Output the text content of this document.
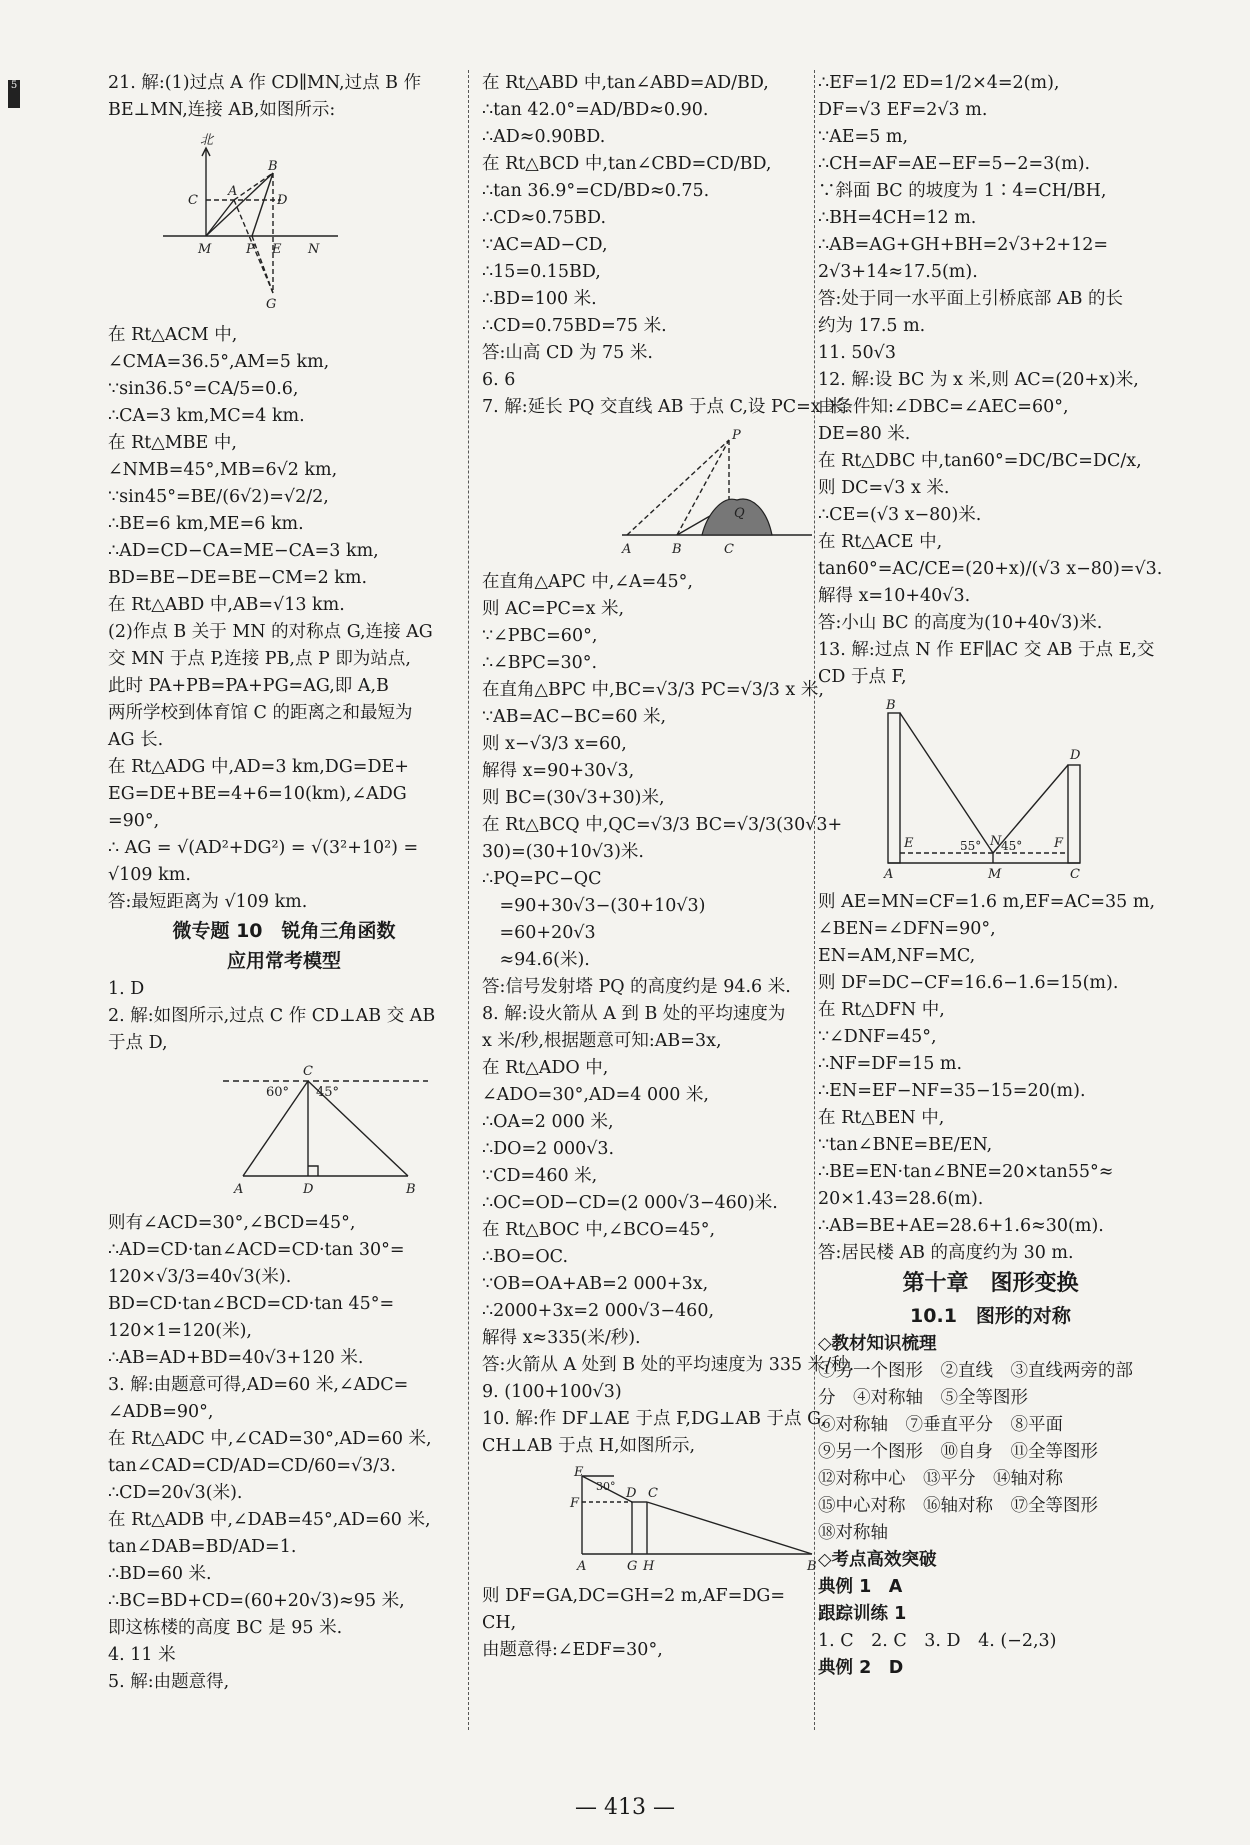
5	21. 解:(1)过点 A 作 CD∥MN,过点 B 作
BE⊥MN,连接 AB,如图所示:
北
B
C
A
D
M	P E N
G
在 Rt△ACM 中,
∠CMA=36.5°,AM=5 km,
∵sin36.5°=CA/5=0.6,
∴CA=3 km,MC=4 km.
在 Rt△MBE 中,
∠NMB=45°,MB=6√2 km,
∵sin45°=BE/(6√2)=√2/2,
∴BE=6 km,ME=6 km.
∴AD=CD−CA=ME−CA=3 km,
BD=BE−DE=BE−CM=2 km.
在 Rt△ABD 中,AB=√13 km.
(2)作点 B 关于 MN 的对称点 G,连接 AG
交 MN 于点 P,连接 PB,点 P 即为站点,
此时 PA+PB=PA+PG=AG,即 A,B
两所学校到体育馆 C 的距离之和最短为
AG 长.
在 Rt△ADG 中,AD=3 km,DG=DE+
EG=DE+BE=4+6=10(km),∠ADG
=90°,
∴ AG = √(AD²+DG²) = √(3²+10²) =
√109 km.
答:最短距离为 √109 km.
微专题 10　锐角三角函数
应用常考模型
1. D
2. 解:如图所示,过点 C 作 CD⊥AB 交 AB
于点 D,
C
60° 45°
A	D	B
则有∠ACD=30°,∠BCD=45°,
∴AD=CD·tan∠ACD=CD·tan 30°=
120×√3/3=40√3(米).
BD=CD·tan∠BCD=CD·tan 45°=
120×1=120(米),
∴AB=AD+BD=40√3+120 米.
3. 解:由题意可得,AD=60 米,∠ADC=
∠ADB=90°,
在 Rt△ADC 中,∠CAD=30°,AD=60 米,
tan∠CAD=CD/AD=CD/60=√3/3.
∴CD=20√3(米).
在 Rt△ADB 中,∠DAB=45°,AD=60 米,
tan∠DAB=BD/AD=1.
∴BD=60 米.
∴BC=BD+CD=(60+20√3)≈95 米,
即这栋楼的高度 BC 是 95 米.
4. 11 米
5. 解:由题意得,
在 Rt△ABD 中,tan∠ABD=AD/BD,
∴tan 42.0°=AD/BD≈0.90.
∴AD≈0.90BD.
在 Rt△BCD 中,tan∠CBD=CD/BD,
∴tan 36.9°=CD/BD≈0.75.
∴CD≈0.75BD.
∵AC=AD−CD,
∴15=0.15BD,
∴BD=100 米.
∴CD=0.75BD=75 米.
答:山高 CD 为 75 米.
6. 6
7. 解:延长 PQ 交直线 AB 于点 C,设 PC=x 米.
P
Q
A	B	C
在直角△APC 中,∠A=45°,
则 AC=PC=x 米,
∵∠PBC=60°,
∴∠BPC=30°.
在直角△BPC 中,BC=√3/3 PC=√3/3 x 米,
∵AB=AC−BC=60 米,
则 x−√3/3 x=60,
解得 x=90+30√3,
则 BC=(30√3+30)米,
在 Rt△BCQ 中,QC=√3/3 BC=√3/3(30√3+
30)=(30+10√3)米.
∴PQ=PC−QC
　=90+30√3−(30+10√3)
　=60+20√3
　≈94.6(米).
答:信号发射塔 PQ 的高度约是 94.6 米.
8. 解:设火箭从 A 到 B 处的平均速度为
x 米/秒,根据题意可知:AB=3x,
在 Rt△ADO 中,
∠ADO=30°,AD=4 000 米,
∴OA=2 000 米,
∴DO=2 000√3.
∵CD=460 米,
∴OC=OD−CD=(2 000√3−460)米.
在 Rt△BOC 中,∠BCO=45°,
∴BO=OC.
∵OB=OA+AB=2 000+3x,
∴2000+3x=2 000√3−460,
解得 x≈335(米/秒).
答:火箭从 A 处到 B 处的平均速度为 335 米/秒.
9. (100+100√3)
10. 解:作 DF⊥AE 于点 F,DG⊥AB 于点 G,
CH⊥AB 于点 H,如图所示,
E
30° D C
F
A	G H	B
则 DF=GA,DC=GH=2 m,AF=DG=
CH,
由题意得:∠EDF=30°,
∴EF=1/2 ED=1/2×4=2(m),
DF=√3 EF=2√3 m.
∵AE=5 m,
∴CH=AF=AE−EF=5−2=3(m).
∵斜面 BC 的坡度为 1∶4=CH/BH,
∴BH=4CH=12 m.
∴AB=AG+GH+BH=2√3+2+12=
2√3+14≈17.5(m).
答:处于同一水平面上引桥底部 AB 的长
约为 17.5 m.
11. 50√3
12. 解:设 BC 为 x 米,则 AC=(20+x)米,
由条件知:∠DBC=∠AEC=60°,
DE=80 米.
在 Rt△DBC 中,tan60°=DC/BC=DC/x,
则 DC=√3 x 米.
∴CE=(√3 x−80)米.
在 Rt△ACE 中,
tan60°=AC/CE=(20+x)/(√3 x−80)=√3.
解得 x=10+40√3.
答:小山 BC 的高度为(10+40√3)米.
13. 解:过点 N 作 EF∥AC 交 AB 于点 E,交
CD 于点 F,
B
D
E	N	F
55° 45°
A	M	C
则 AE=MN=CF=1.6 m,EF=AC=35 m,
∠BEN=∠DFN=90°,
EN=AM,NF=MC,
则 DF=DC−CF=16.6−1.6=15(m).
在 Rt△DFN 中,
∵∠DNF=45°,
∴NF=DF=15 m.
∴EN=EF−NF=35−15=20(m).
在 Rt△BEN 中,
∵tan∠BNE=BE/EN,
∴BE=EN·tan∠BNE=20×tan55°≈
20×1.43=28.6(m).
∴AB=BE+AE=28.6+1.6≈30(m).
答:居民楼 AB 的高度约为 30 m.
第十章　图形变换
10.1　图形的对称
◇教材知识梳理
①另一个图形　②直线　③直线两旁的部
分　④对称轴　⑤全等图形
⑥对称轴　⑦垂直平分　⑧平面
⑨另一个图形　⑩自身　⑪全等图形
⑫对称中心　⑬平分　⑭轴对称
⑮中心对称　⑯轴对称　⑰全等图形
⑱对称轴
◇考点高效突破
典例 1　A
跟踪训练 1
1. C　2. C　3. D　4. (−2,3)
典例 2　D
— 413 —
